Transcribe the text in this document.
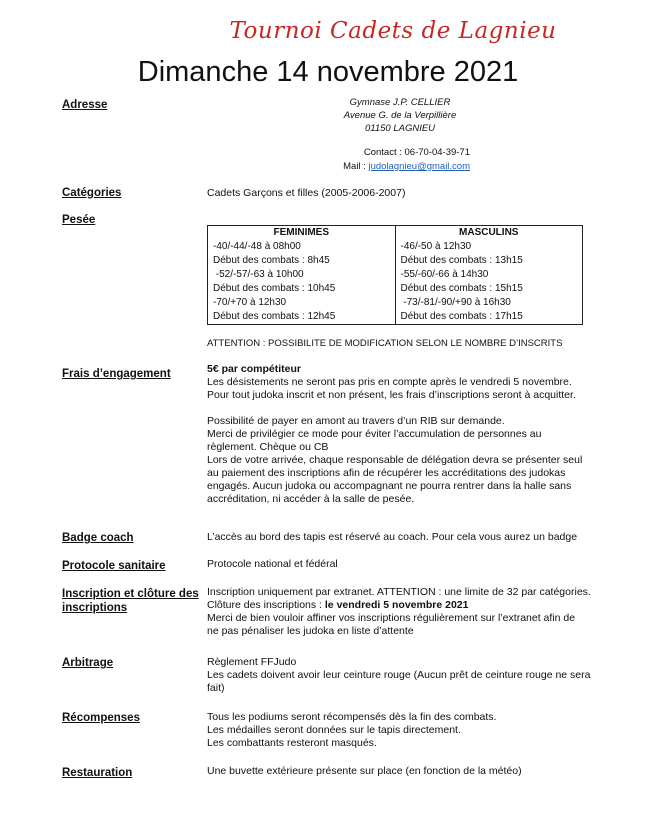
Tournoi Cadets de Lagnieu
Dimanche 14 novembre 2021
Adresse	Gymnase J.P. CELLIER
Avenue G. de la Verpillière
01150 LAGNIEU
Contact : 06-70-04-39-71
Mail : judolagnieu@gmail.com
Catégories	Cadets Garçons et filles (2005-2006-2007)
Pesée
FEMINIMES	MASCULINS
-40/-44/-48 à 08h00	-46/-50 à 12h30
Début des combats : 8h45	Début des combats : 13h15
-52/-57/-63 à 10h00	-55/-60/-66 à 14h30
Début des combats : 10h45	Début des combats : 15h15
-70/+70 à 12h30	-73/-81/-90/+90 à 16h30
Début des combats : 12h45	Début des combats : 17h15
ATTENTION : POSSIBILITE DE MODIFICATION SELON LE NOMBRE D’INSCRITS
Frais d’engagement	5€ par compétiteur
Les désistements ne seront pas pris en compte après le vendredi 5 novembre.
Pour tout judoka inscrit et non présent, les frais d’inscriptions seront à acquitter.
Possibilité de payer en amont au travers d’un RIB sur demande.
Merci de privilégier ce mode pour éviter l’accumulation de personnes au
règlement. Chèque ou CB
Lors de votre arrivée, chaque responsable de délégation devra se présenter seul
au paiement des inscriptions afin de récupérer les accréditations des judokas
engagés. Aucun judoka ou accompagnant ne pourra rentrer dans la halle sans
accréditation, ni accéder à la salle de pesée.
Badge coach	L’accès au bord des tapis est réservé au coach. Pour cela vous aurez un badge
Protocole sanitaire	Protocole national et fédéral
Inscription et clôture des
inscriptions
Inscription uniquement par extranet. ATTENTION : une limite de 32 par catégories.
Clôture des inscriptions : le vendredi 5 novembre 2021
Merci de bien vouloir affiner vos inscriptions régulièrement sur l’extranet afin de
ne pas pénaliser les judoka en liste d’attente
Arbitrage	Règlement FFJudo
Les cadets doivent avoir leur ceinture rouge (Aucun prêt de ceinture rouge ne sera
fait)
Récompenses	Tous les podiums seront récompensés dès la fin des combats.
Les médailles seront données sur le tapis directement.
Les combattants resteront masqués.
Restauration	Une buvette extérieure présente sur place (en fonction de la météo)
